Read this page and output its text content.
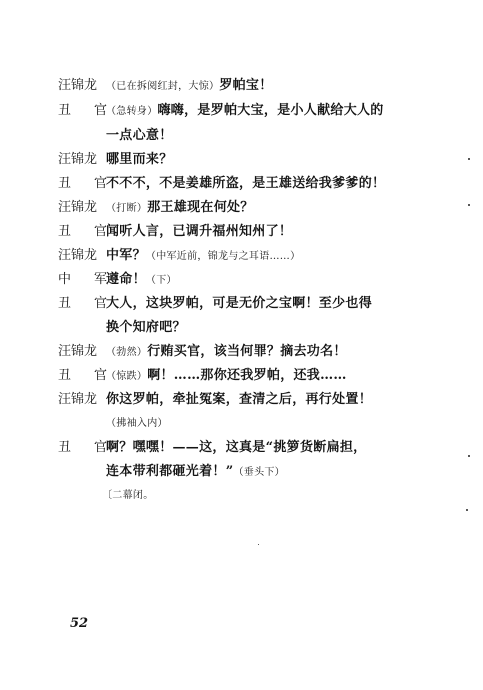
汪锦龙 （已在拆阅红封，大惊）罗帕宝！
丑　官（急转身）嗨嗨，是罗帕大宝，是小人献给大人的
一点心意！
汪锦龙 哪里而来？
丑　官不不不，不是姜雄所盗，是王雄送给我爹爹的！
汪锦龙 （打断）那王雄现在何处？
丑　官闻听人言，已调升福州知州了！
汪锦龙 中军？（中军近前，锦龙与之耳语……）
中　军遵命！（下）
丑　官大人，这块罗帕，可是无价之宝啊！至少也得
换个知府吧？
汪锦龙 （勃然）行贿买官，该当何罪？摘去功名！
丑　官（惊跌）啊！……那你还我罗帕，还我……
汪锦龙 你这罗帕，牵扯冤案，查清之后，再行处置！
（拂袖入内）
丑　官啊？嘿嘿！——这，这真是“挑箩货断扁担，
连本带利都砸光着！”（垂头下）
〔二幕闭。
52
